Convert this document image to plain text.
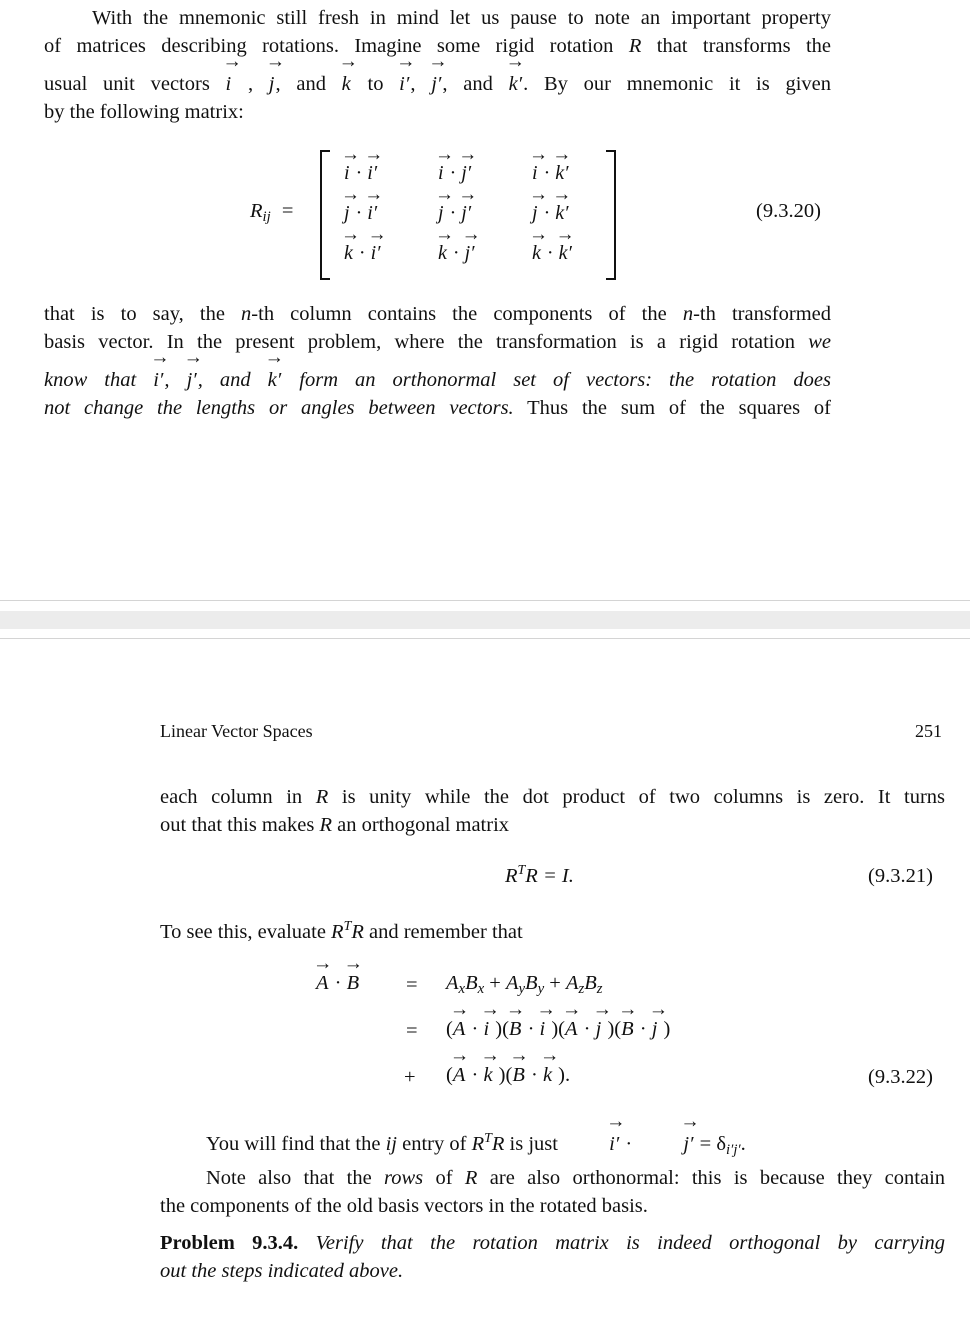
With the mnemonic still fresh in mind let us pause to note an important property
of matrices describing rotations. Imagine some rigid rotation R that transforms the
usual unit vectors → i , → j, and → k to → i′, → j′, and → k′. By our mnemonic it is given
by the following matrix:
$R_{ij}$ =
→ i · → i′	→ i · → j′	→ i · → k′
→ j · → i′	→ j · → j′	→ j · → k′
→ k · → i′	→ k · → j′	→ k · → k′
(9.3.20)
that is to say, the n-th column contains the components of the n-th transformed
basis vector. In the present problem, where the transformation is a rigid rotation we
know that → i′, → j′, and → k′ form an orthonormal set of vectors: the rotation does
not change the lengths or angles between vectors. Thus the sum of the squares of
Linear Vector Spaces	251
each column in R is unity while the dot product of two columns is zero. It turns
out that this makes R an orthogonal matrix
$R^TR = I$.	(9.3.21)
To see this, evaluate $R^TR$ and remember that
→ A · → $B = A_xB_x + A_yB_y + A_zB_z$
= (→ A · → i )(→ B · → i )(→ A · → j )(→ B · → j )
+ (→ A · → k )(→ B · → k ).	(9.3.22)
You will find that the ij entry of $R^TR$ is just → i′ · → $j' = \delta_{i'j'}$.
Note also that the rows of R are also orthonormal: this is because they contain
the components of the old basis vectors in the rotated basis.
Problem 9.3.4. Verify that the rotation matrix is indeed orthogonal by carrying
out the steps indicated above.
